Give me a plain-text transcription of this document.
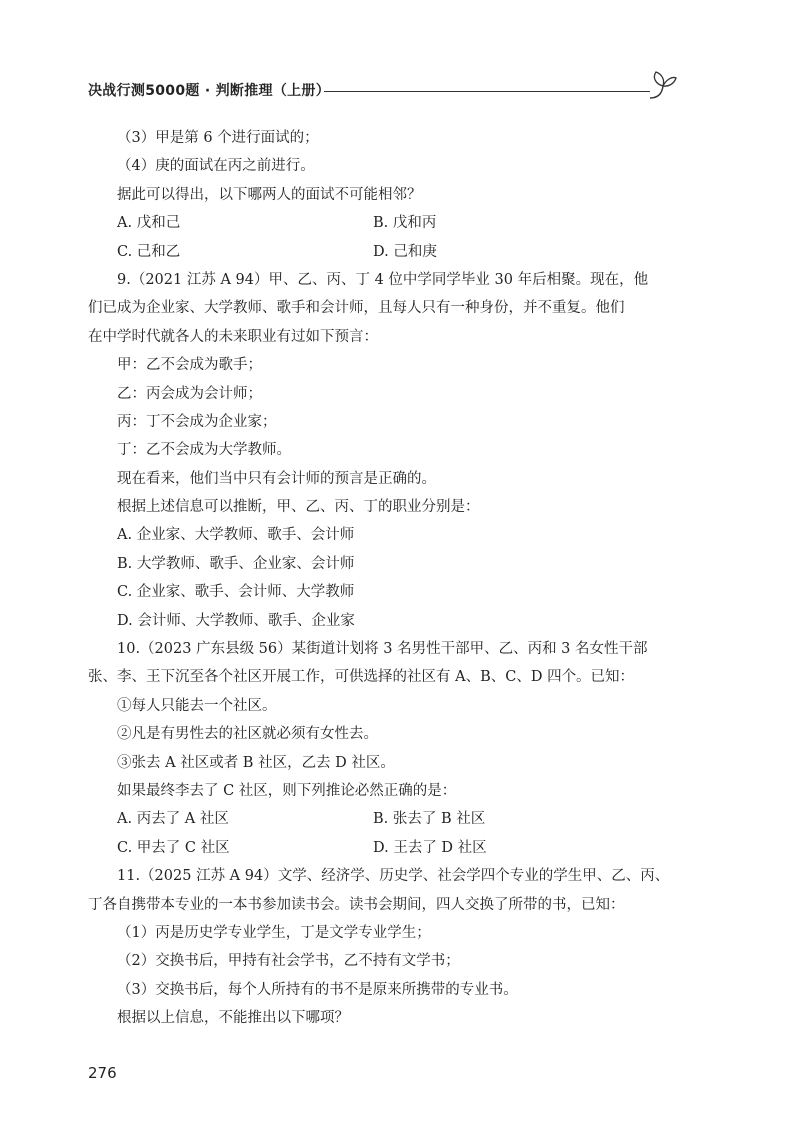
决战行测5000题 · 判断推理（上册）
（3）甲是第 6 个进行面试的；
（4）庚的面试在丙之前进行。
据此可以得出，以下哪两人的面试不可能相邻？
A. 戊和己	B. 戊和丙
C. 己和乙	D. 己和庚
9.（2021 江苏 A 94）甲、乙、丙、丁 4 位中学同学毕业 30 年后相聚。现在，他
们已成为企业家、大学教师、歌手和会计师，且每人只有一种身份，并不重复。他们
在中学时代就各人的未来职业有过如下预言：
甲：乙不会成为歌手；
乙：丙会成为会计师；
丙：丁不会成为企业家；
丁：乙不会成为大学教师。
现在看来，他们当中只有会计师的预言是正确的。
根据上述信息可以推断，甲、乙、丙、丁的职业分别是：
A. 企业家、大学教师、歌手、会计师
B. 大学教师、歌手、企业家、会计师
C. 企业家、歌手、会计师、大学教师
D. 会计师、大学教师、歌手、企业家
10.（2023 广东县级 56）某街道计划将 3 名男性干部甲、乙、丙和 3 名女性干部
张、李、王下沉至各个社区开展工作，可供选择的社区有 A、B、C、D 四个。已知：
①每人只能去一个社区。
②凡是有男性去的社区就必须有女性去。
③张去 A 社区或者 B 社区，乙去 D 社区。
如果最终李去了 C 社区，则下列推论必然正确的是：
A. 丙去了 A 社区	B. 张去了 B 社区
C. 甲去了 C 社区	D. 王去了 D 社区
11.（2025 江苏 A 94）文学、经济学、历史学、社会学四个专业的学生甲、乙、丙、
丁各自携带本专业的一本书参加读书会。读书会期间，四人交换了所带的书，已知：
（1）丙是历史学专业学生，丁是文学专业学生；
（2）交换书后，甲持有社会学书，乙不持有文学书；
（3）交换书后，每个人所持有的书不是原来所携带的专业书。
根据以上信息，不能推出以下哪项？
276
